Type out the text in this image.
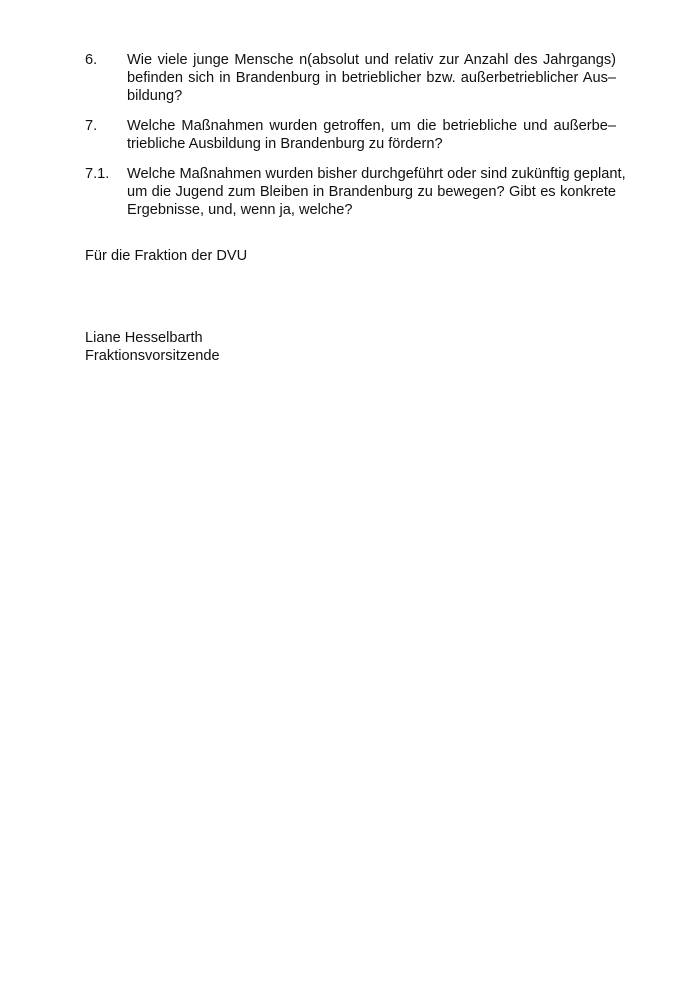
6.	Wie viele junge Mensche n(absolut und relativ zur Anzahl des Jahrgangs)
befinden sich in Brandenburg in betrieblicher bzw. außerbetrieblicher Aus–
bildung?
7.	Welche Maßnahmen wurden getroffen, um die betriebliche und außerbe–
triebliche Ausbildung in Brandenburg zu fördern?
7.1.	Welche Maßnahmen wurden bisher durchgeführt oder sind zukünftig geplant,
um die Jugend zum Bleiben in Brandenburg zu bewegen? Gibt es konkrete
Ergebnisse, und, wenn ja, welche?
Für die Fraktion der DVU
Liane Hesselbarth
Fraktionsvorsitzende
